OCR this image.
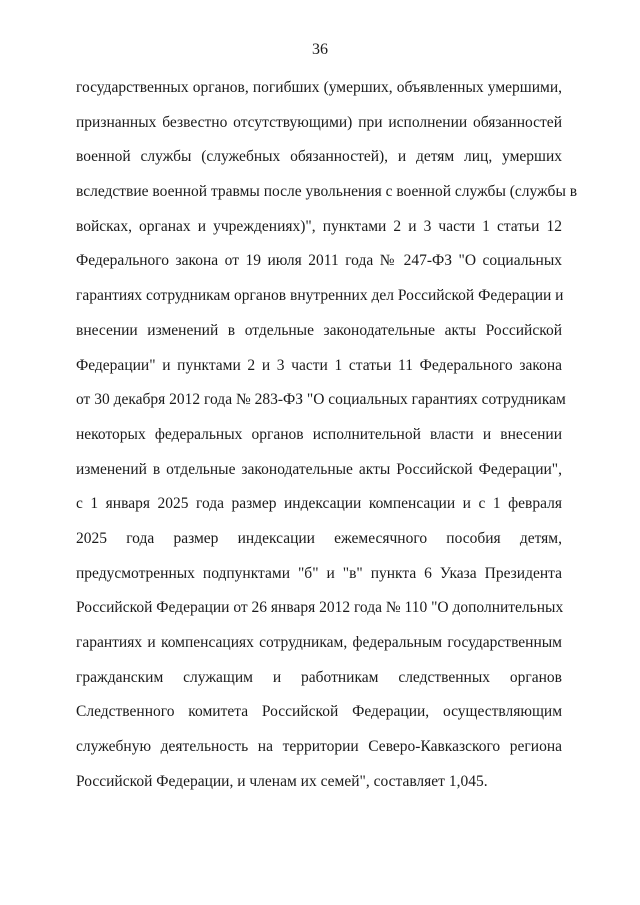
36
государственных органов, погибших (умерших, объявленных умершими,
признанных безвестно отсутствующими) при исполнении обязанностей
военной службы (служебных обязанностей), и детям лиц, умерших
вследствие военной травмы после увольнения с военной службы (службы в
войсках, органах и учреждениях)", пунктами 2 и 3 части 1 статьи 12
Федерального закона от 19 июля 2011 года № 247-ФЗ "О социальных
гарантиях сотрудникам органов внутренних дел Российской Федерации и
внесении изменений в отдельные законодательные акты Российской
Федерации" и пунктами 2 и 3 части 1 статьи 11 Федерального закона
от 30 декабря 2012 года № 283-ФЗ "О социальных гарантиях сотрудникам
некоторых федеральных органов исполнительной власти и внесении
изменений в отдельные законодательные акты Российской Федерации",
с 1 января 2025 года размер индексации компенсации и с 1 февраля
2025 года размер индексации ежемесячного пособия детям,
предусмотренных подпунктами "б" и "в" пункта 6 Указа Президента
Российской Федерации от 26 января 2012 года № 110 "О дополнительных
гарантиях и компенсациях сотрудникам, федеральным государственным
гражданским служащим и работникам следственных органов
Следственного комитета Российской Федерации, осуществляющим
служебную деятельность на территории Северо-Кавказского региона
Российской Федерации, и членам их семей", составляет 1,045.
